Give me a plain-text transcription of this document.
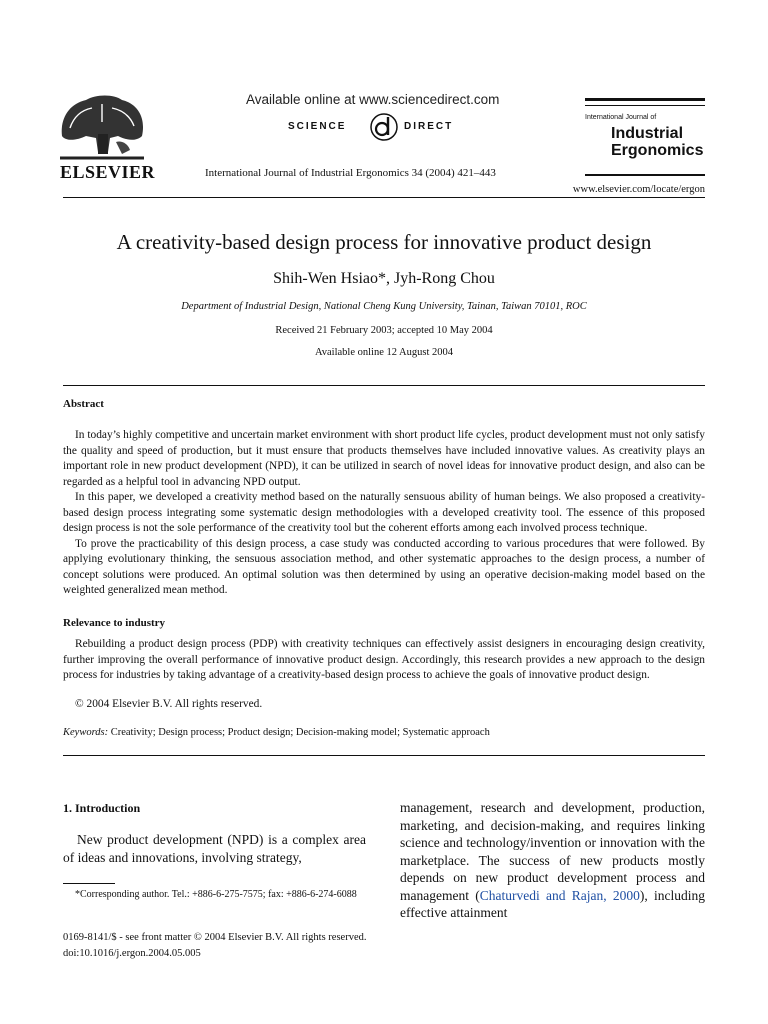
ELSEVIER
Available online at www.sciencedirect.com
SCIENCE	DIRECT
International Journal of Industrial Ergonomics 34 (2004) 421–443
International Journal of
Industrial
Ergonomics
www.elsevier.com/locate/ergon
A creativity-based design process for innovative product design
Shih-Wen Hsiao*, Jyh-Rong Chou
Department of Industrial Design, National Cheng Kung University, Tainan, Taiwan 70101, ROC
Received 21 February 2003; accepted 10 May 2004
Available online 12 August 2004
Abstract

In today’s highly competitive and uncertain market environment with short product life cycles, product development must not only satisfy the quality and speed of production, but it must ensure that products themselves have included innovative values. As creativity plays an important role in new product development (NPD), it can be utilized in search of novel ideas for innovative product design, and also can be regarded as a helpful tool in advancing NPD output.

In this paper, we developed a creativity method based on the naturally sensuous ability of human beings. We also proposed a creativity-based design process integrating some systematic design methodologies with a developed creativity tool. The essence of this proposed design process is not the sole performance of the creativity tool but the coherent efforts among each involved process technique.

To prove the practicability of this design process, a case study was conducted according to various procedures that were followed. By applying evolutionary thinking, the sensuous association method, and other systematic approaches to the design process, a number of concept solutions were produced. An optimal solution was then determined by using an operative decision-making model based on the weighted generalized mean method.

Relevance to industry

Rebuilding a product design process (PDP) with creativity techniques can effectively assist designers in encouraging design creativity, further improving the overall performance of innovative product design. Accordingly, this research provides a new approach to the design process for industries by taking advantage of a creativity-based design process to achieve the goals of innovative product design.

© 2004 Elsevier B.V. All rights reserved.
Keywords: Creativity; Design process; Product design; Decision-making model; Systematic approach
1. Introduction

New product development (NPD) is a complex area of ideas and innovations, involving strategy,

management, research and development, production, marketing, and decision-making, and requires linking science and technology/invention or innovation with the marketplace. The success of new products mostly depends on new product development process and management (Chaturvedi and Rajan, 2000), including effective attainment

*Corresponding author. Tel.: +886-6-275-7575; fax: +886-6-274-6088
0169-8141/$ - see front matter © 2004 Elsevier B.V. All rights reserved.
doi:10.1016/j.ergon.2004.05.005
